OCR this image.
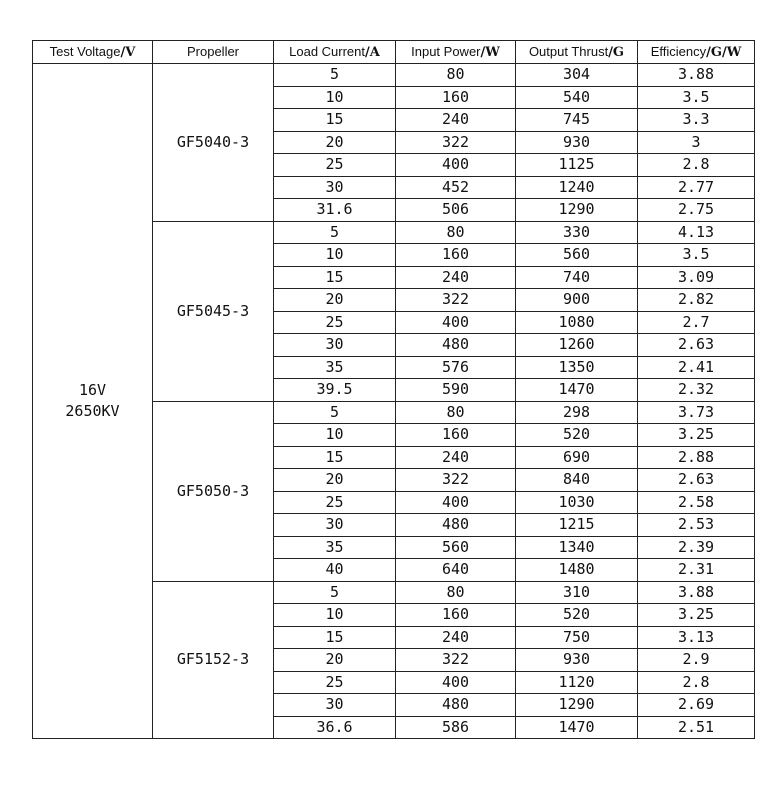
Test Voltage/V	Propeller	Load Current/A	Input Power/W	Output Thrust/G	Efficiency/G/W

16V
2650KV	GF5040-3	5	80	304	3.88
		10	160	540	3.5
		15	240	745	3.3
		20	322	930	3
		25	400	1125	2.8
		30	452	1240	2.77
		31.6	506	1290	2.75
	GF5045-3	5	80	330	4.13
		10	160	560	3.5
		15	240	740	3.09
		20	322	900	2.82
		25	400	1080	2.7
		30	480	1260	2.63
		35	576	1350	2.41
		39.5	590	1470	2.32
	GF5050-3	5	80	298	3.73
		10	160	520	3.25
		15	240	690	2.88
		20	322	840	2.63
		25	400	1030	2.58
		30	480	1215	2.53
		35	560	1340	2.39
		40	640	1480	2.31
	GF5152-3	5	80	310	3.88
		10	160	520	3.25
		15	240	750	3.13
		20	322	930	2.9
		25	400	1120	2.8
		30	480	1290	2.69
		36.6	586	1470	2.51
